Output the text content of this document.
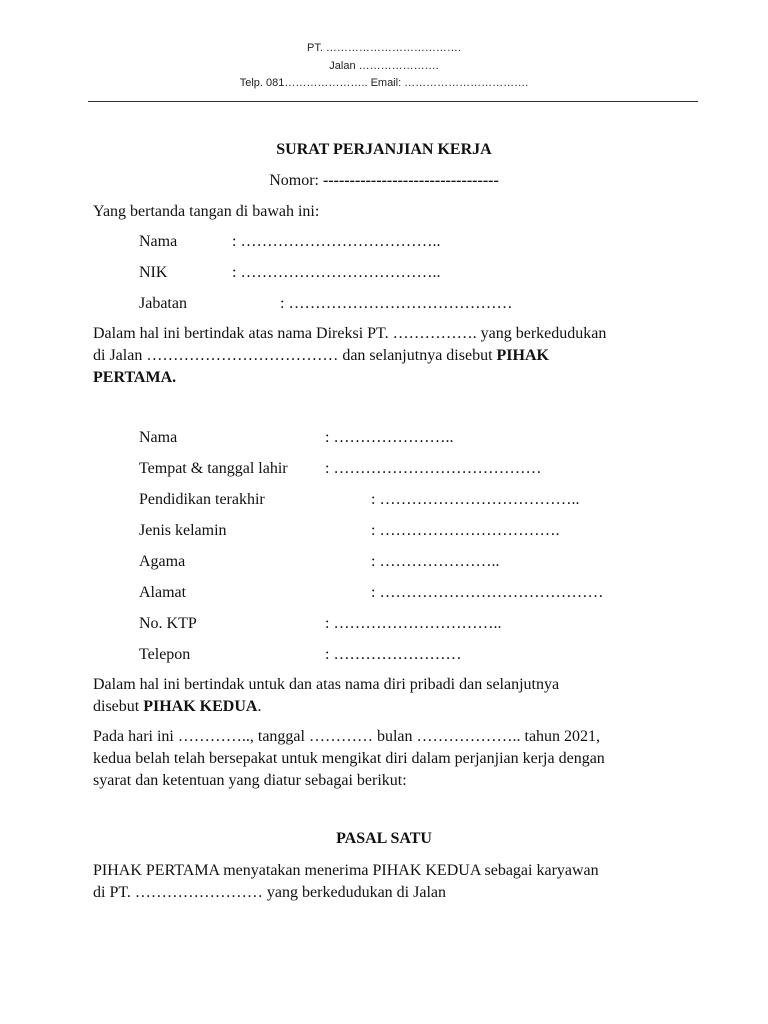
PT. ……………………………….
Jalan ………………….
Telp. 081………………….. Email: …………………………….
SURAT PERJANJIAN KERJA
Nomor: ---------------------------------
Yang bertanda tangan di bawah ini:
Nama	: ………………………………..
NIK	: ………………………………..
Jabatan	: ……………………………………
Dalam hal ini bertindak atas nama Direksi PT. ……………. yang berkedudukan
di Jalan ……………………………… dan selanjutnya disebut PIHAK
PERTAMA.
Nama	: …………………..
Tempat & tanggal lahir : …………………………………
Pendidikan terakhir	: ………………………………..
Jenis kelamin	: …………………………….
Agama	: …………………..
Alamat	: ……………………………………
No. KTP	: …………………………..
Telepon	: ……………………
Dalam hal ini bertindak untuk dan atas nama diri pribadi dan selanjutnya
disebut PIHAK KEDUA.
Pada hari ini ………….., tanggal ………… bulan ……………….. tahun 2021,
kedua belah telah bersepakat untuk mengikat diri dalam perjanjian kerja dengan
syarat dan ketentuan yang diatur sebagai berikut:
PASAL SATU
PIHAK PERTAMA menyatakan menerima PIHAK KEDUA sebagai karyawan
di PT. …………………… yang berkedudukan di Jalan
